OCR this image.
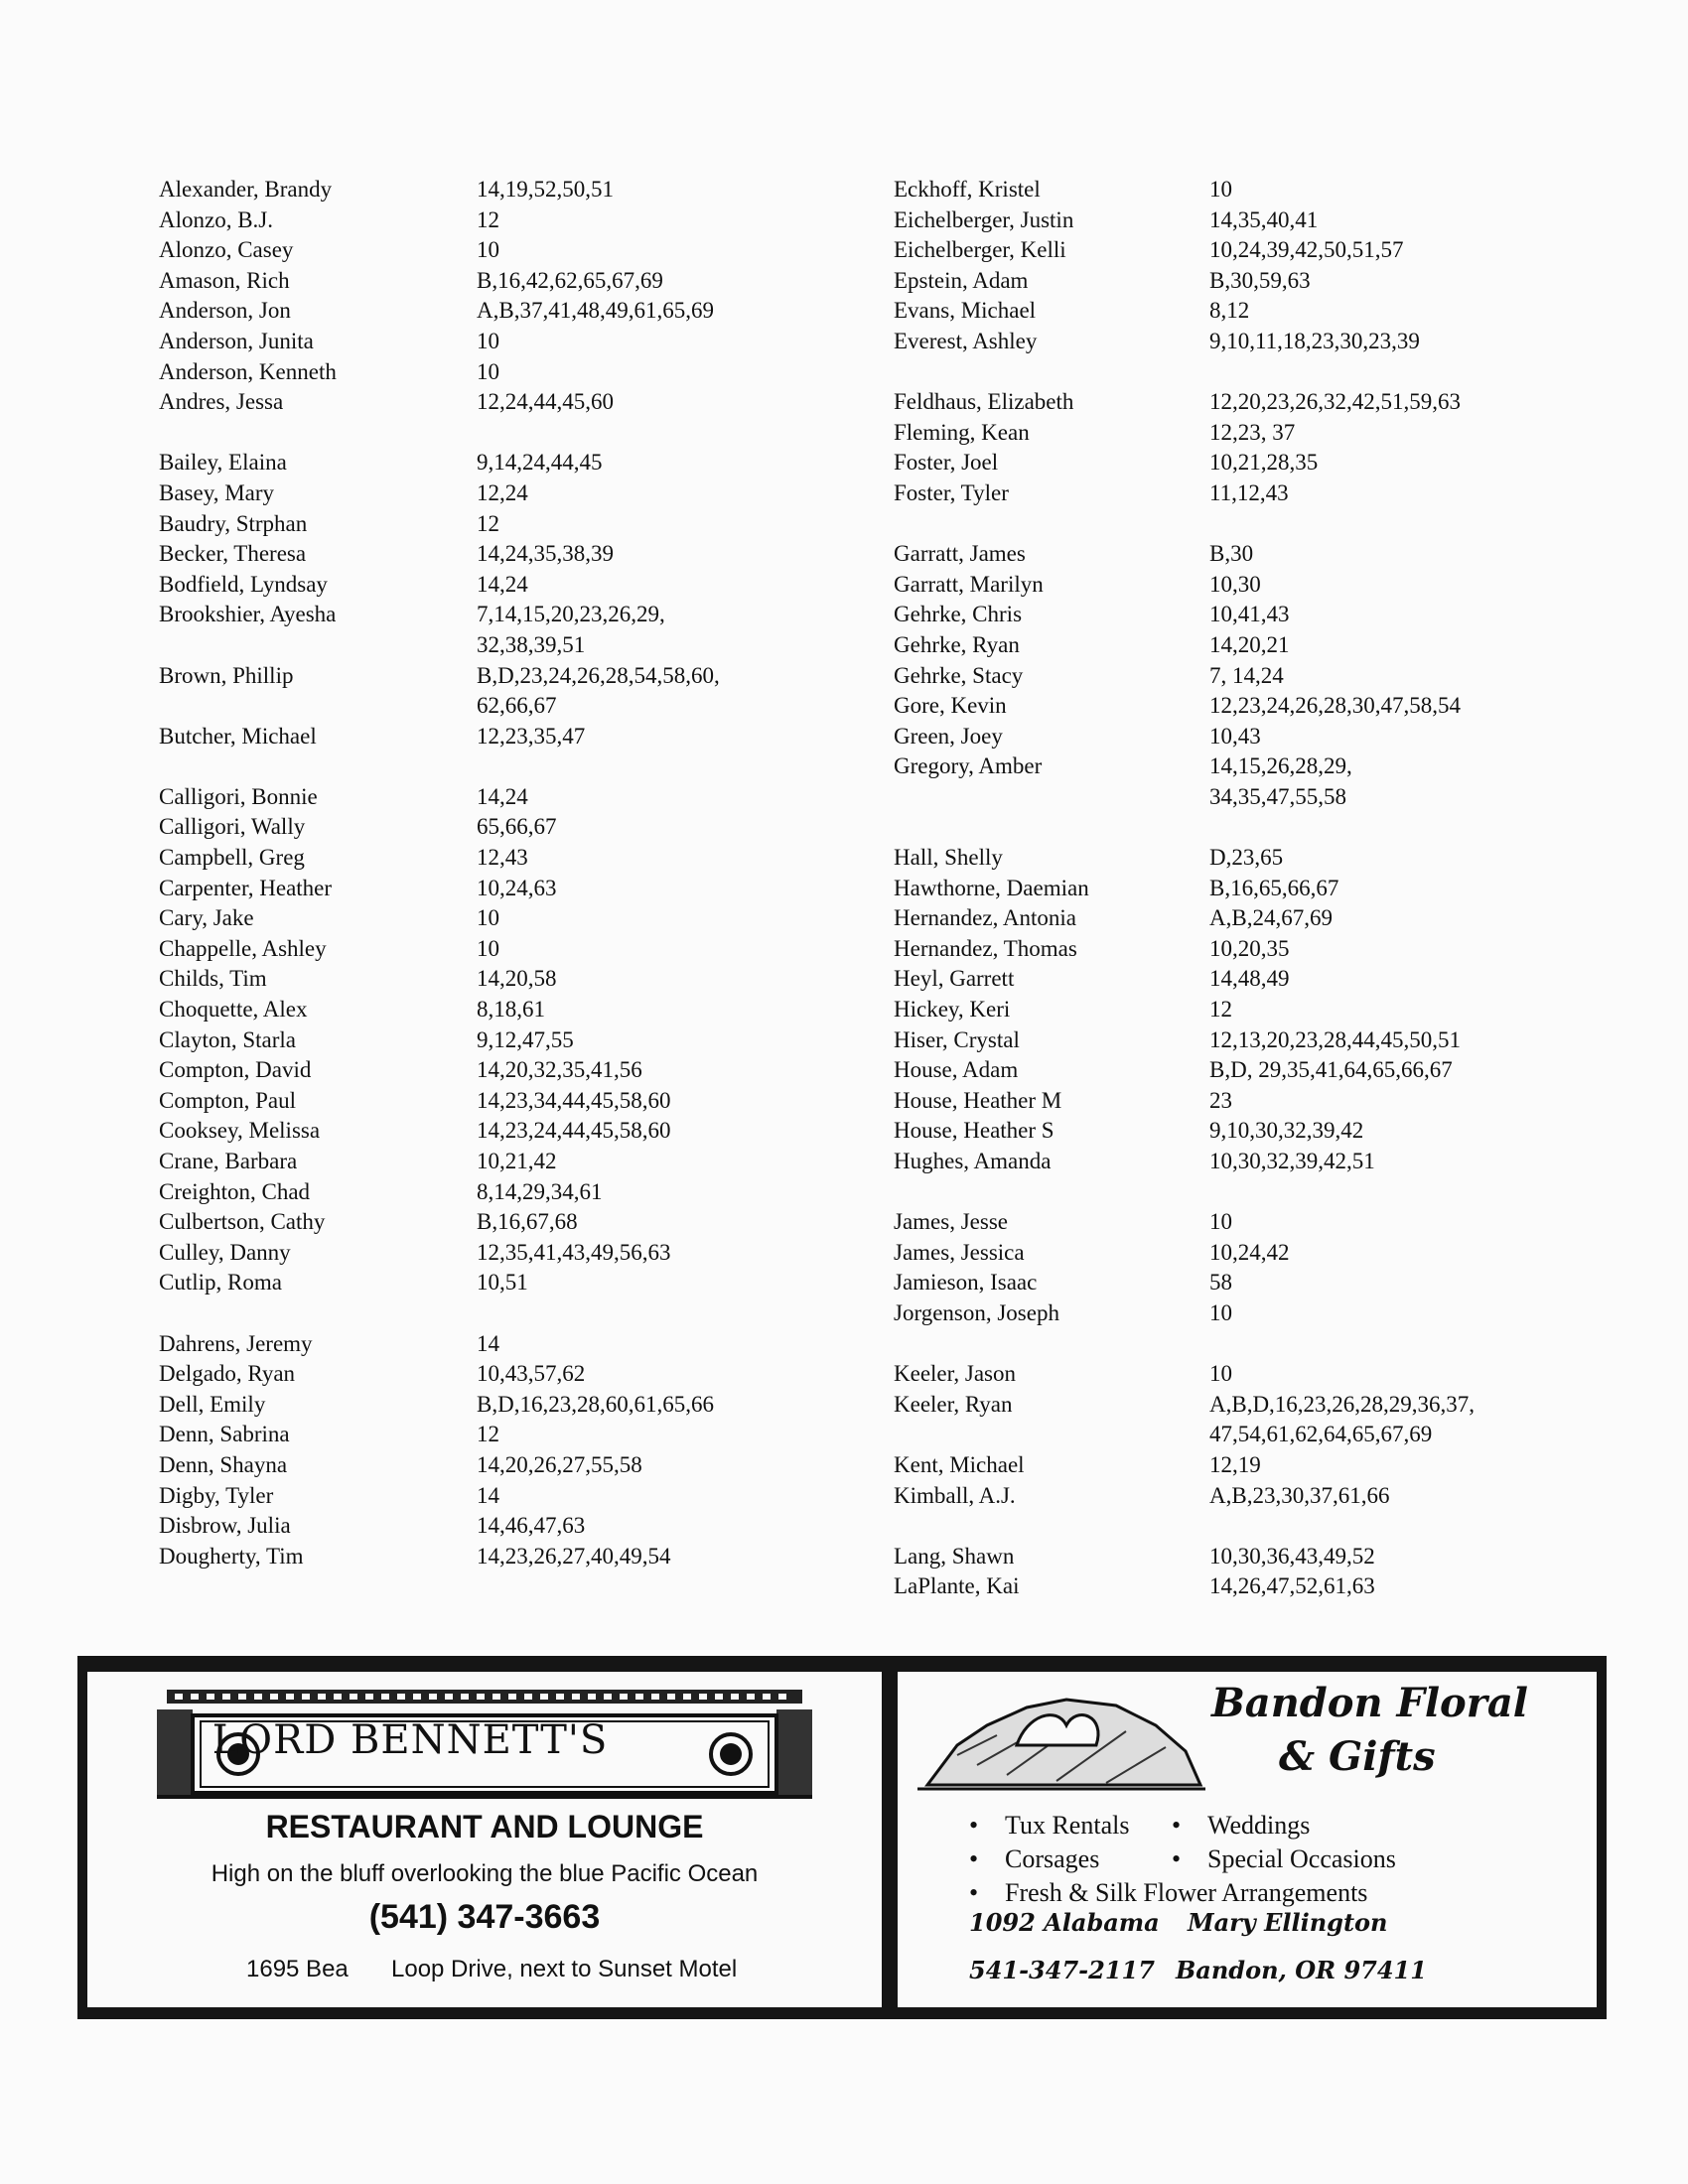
Alexander, Brandy	14,19,52,50,51
Alonzo, B.J.	12
Alonzo, Casey	10
Amason, Rich	B,16,42,62,65,67,69
Anderson, Jon	A,B,37,41,48,49,61,65,69
Anderson, Junita	10
Anderson, Kenneth	10
Andres, Jessa	12,24,44,45,60
Bailey, Elaina	9,14,24,44,45
Basey, Mary	12,24
Baudry, Strphan	12
Becker, Theresa	14,24,35,38,39
Bodfield, Lyndsay	14,24
Brookshier, Ayesha	7,14,15,20,23,26,29,
32,38,39,51
Brown, Phillip	B,D,23,24,26,28,54,58,60,
62,66,67
Butcher, Michael	12,23,35,47
Calligori, Bonnie	14,24
Calligori, Wally	65,66,67
Campbell, Greg	12,43
Carpenter, Heather	10,24,63
Cary, Jake	10
Chappelle, Ashley	10
Childs, Tim	14,20,58
Choquette, Alex	8,18,61
Clayton, Starla	9,12,47,55
Compton, David	14,20,32,35,41,56
Compton, Paul	14,23,34,44,45,58,60
Cooksey, Melissa	14,23,24,44,45,58,60
Crane, Barbara	10,21,42
Creighton, Chad	8,14,29,34,61
Culbertson, Cathy	B,16,67,68
Culley, Danny	12,35,41,43,49,56,63
Cutlip, Roma	10,51
Dahrens, Jeremy	14
Delgado, Ryan	10,43,57,62
Dell, Emily	B,D,16,23,28,60,61,65,66
Denn, Sabrina	12
Denn, Shayna	14,20,26,27,55,58
Digby, Tyler	14
Disbrow, Julia	14,46,47,63
Dougherty, Tim	14,23,26,27,40,49,54
Eckhoff, Kristel	10
Eichelberger, Justin	14,35,40,41
Eichelberger, Kelli	10,24,39,42,50,51,57
Epstein, Adam	B,30,59,63
Evans, Michael	8,12
Everest, Ashley	9,10,11,18,23,30,23,39
Feldhaus, Elizabeth	12,20,23,26,32,42,51,59,63
Fleming, Kean	12,23, 37
Foster, Joel	10,21,28,35
Foster, Tyler	11,12,43
Garratt, James	B,30
Garratt, Marilyn	10,30
Gehrke, Chris	10,41,43
Gehrke, Ryan	14,20,21
Gehrke, Stacy	7, 14,24
Gore, Kevin	12,23,24,26,28,30,47,58,54
Green, Joey	10,43
Gregory, Amber	14,15,26,28,29,
34,35,47,55,58
Hall, Shelly	D,23,65
Hawthorne, Daemian	B,16,65,66,67
Hernandez, Antonia	A,B,24,67,69
Hernandez, Thomas	10,20,35
Heyl, Garrett	14,48,49
Hickey, Keri	12
Hiser, Crystal	12,13,20,23,28,44,45,50,51
House, Adam	B,D, 29,35,41,64,65,66,67
House, Heather M	23
House, Heather S	9,10,30,32,39,42
Hughes, Amanda	10,30,32,39,42,51
James, Jesse	10
James, Jessica	10,24,42
Jamieson, Isaac	58
Jorgenson, Joseph	10
Keeler, Jason	10
Keeler, Ryan	A,B,D,16,23,26,28,29,36,37,
47,54,61,62,64,65,67,69
Kent, Michael	12,19
Kimball, A.J.	A,B,23,30,37,61,66
Lang, Shawn	10,30,36,43,49,52
LaPlante, Kai	14,26,47,52,61,63
LORD BENNETT'S
RESTAURANT AND LOUNGE
High on the bluff overlooking the blue Pacific Ocean
(541) 347-3663
1695 Bea Loop Drive, next to Sunset Motel
Bandon Floral
& Gifts
• Tux Rentals • Weddings
• Corsages	• Special Occasions
• Fresh & Silk Flower Arrangements
1092 Alabama Mary Ellington
541-347-2117 Bandon, OR 97411
